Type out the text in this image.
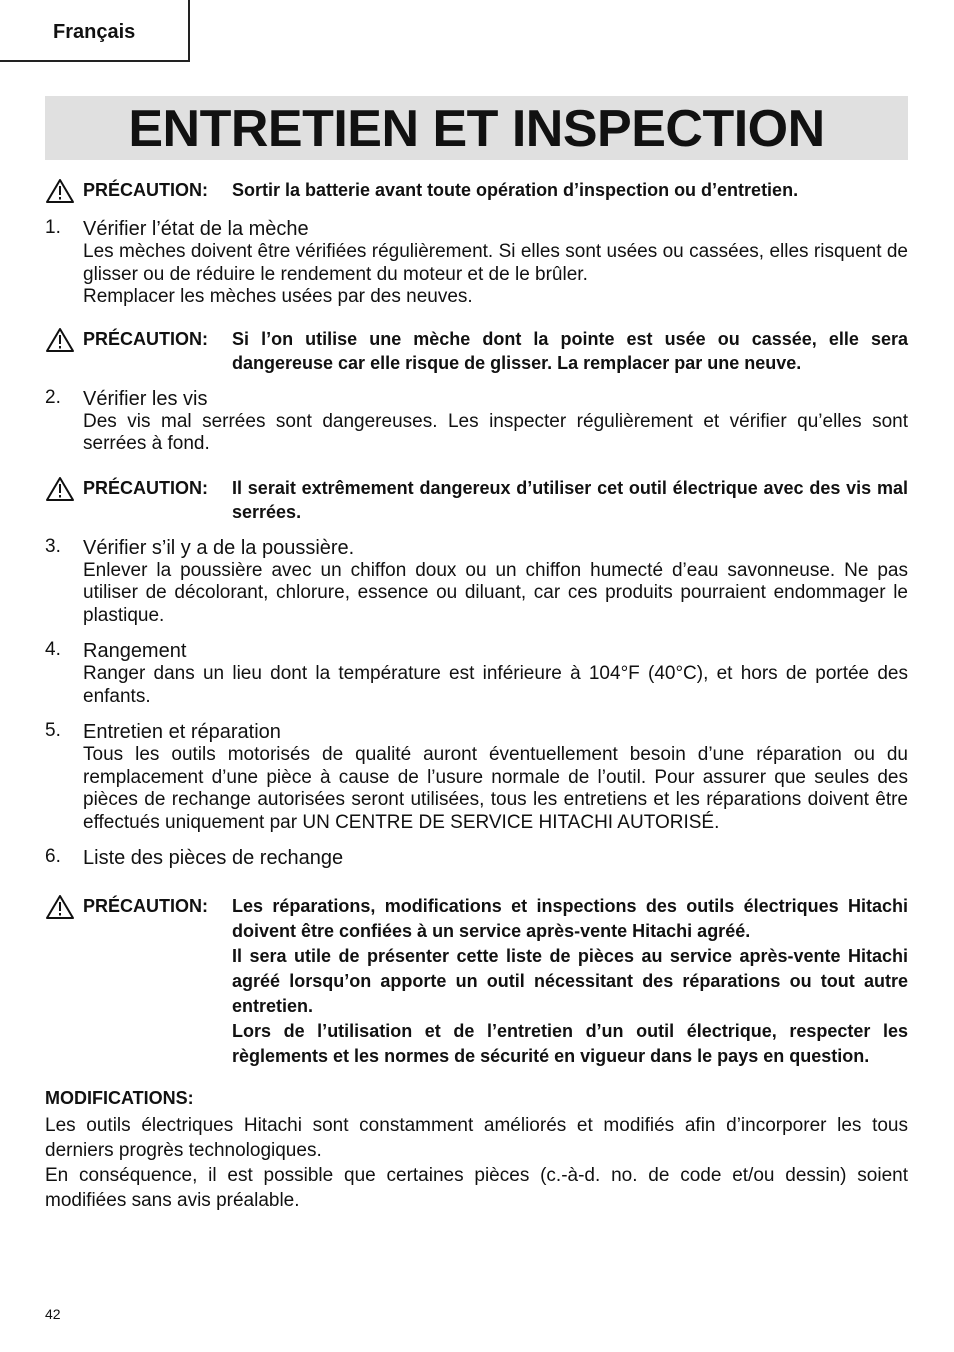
Français
ENTRETIEN ET INSPECTION
PRÉCAUTION:	Sortir la batterie avant toute opération d’inspection ou d’entretien.
1. Vérifier l’état de la mèche

Les mèches doivent être vérifiées régulièrement. Si elles sont usées ou cassées, elles risquent de glisser ou de réduire le rendement du moteur et de le brûler.

Remplacer les mèches usées par des neuves.

PRÉCAUTION:	Si l’on utilise une mèche dont la pointe est usée ou cassée, elle sera dangereuse car elle risque de glisser. La remplacer par une neuve.
2. Vérifier les vis

Des vis mal serrées sont dangereuses. Les inspecter régulièrement et vérifier qu’elles sont serrées à fond.

PRÉCAUTION:	Il serait extrêmement dangereux d’utiliser cet outil électrique avec des vis mal serrées.
3. Vérifier s’il y a de la poussière.

Enlever la poussière avec un chiffon doux ou un chiffon humecté d’eau savonneuse. Ne pas utiliser de décolorant, chlorure, essence ou diluant, car ces produits pourraient endommager le plastique.

4. Rangement

Ranger dans un lieu dont la température est inférieure à 104°F (40°C), et hors de portée des enfants.

5. Entretien et réparation

Tous les outils motorisés de qualité auront éventuellement besoin d’une réparation ou du remplacement d’une pièce à cause de l’usure normale de l’outil. Pour assurer que seules des pièces de rechange autorisées seront utilisées, tous les entretiens et les réparations doivent être effectués uniquement par UN CENTRE DE SERVICE HITACHI AUTORISÉ.

6. Liste des pièces de rechange
PRÉCAUTION:	Les réparations, modifications et inspections des outils électriques Hitachi doivent être confiées à un service après-vente Hitachi agréé.

Il sera utile de présenter cette liste de pièces au service après-vente Hitachi agréé lorsqu’on apporte un outil nécessitant des réparations ou tout autre entretien.

Lors de l’utilisation et de l’entretien d’un outil électrique, respecter les règlements et les normes de sécurité en vigueur dans le pays en question.

MODIFICATIONS:

Les outils électriques Hitachi sont constamment améliorés et modifiés afin d’incorporer les tous derniers progrès technologiques.

En conséquence, il est possible que certaines pièces (c.-à-d. no. de code et/ou dessin) soient modifiées sans avis préalable.

42
